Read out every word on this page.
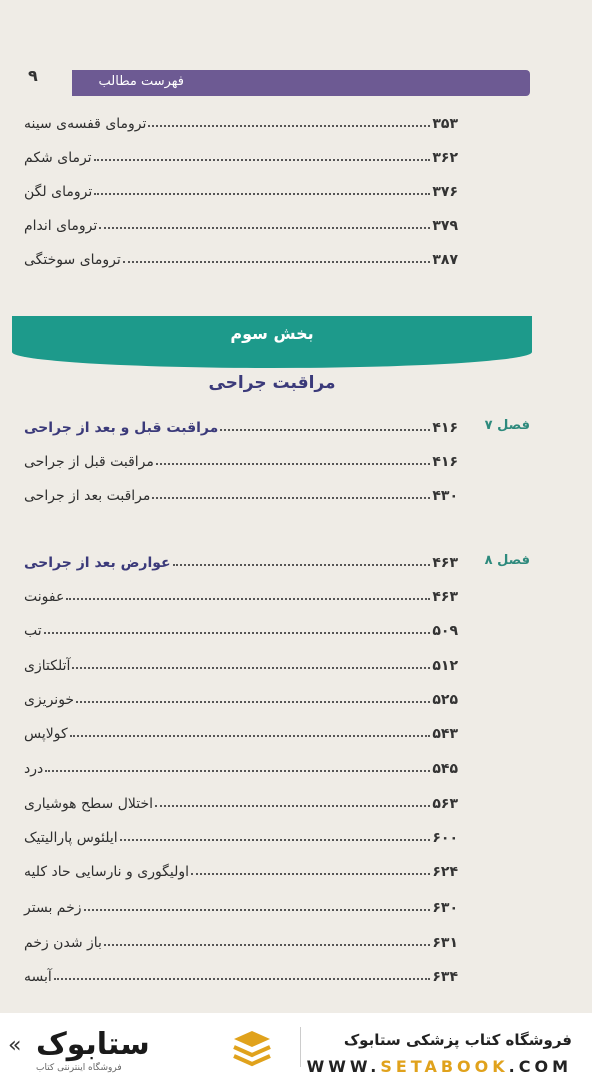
۹	فهرست مطالب
ترومای قفسه‌ی سینه	۳۵۳
ترمای شکم	۳۶۲
ترومای لگن	۳۷۶
ترومای اندام	۳۷۹
ترومای سوختگی	۳۸۷
بخش سوم
مراقبت جراحی
فصل ۷
مراقبت قبل و بعد از جراحی	۴۱۶
مراقبت قبل از جراحی	۴۱۶
مراقبت بعد از جراحی	۴۳۰
فصل ۸
عوارض بعد از جراحی	۴۶۳
عفونت	۴۶۳
تب	۵۰۹
آتلکتازی	۵۱۲
خونریزی	۵۲۵
کولاپس	۵۴۳
درد	۵۴۵
اختلال سطح هوشیاری	۵۶۳
ایلئوس پارالیتیک	۶۰۰
اولیگوری و نارسایی حاد کلیه	۶۲۴
زخم بستر	۶۳۰
باز شدن زخم	۶۳۱
آبسه	۶۳۴
« ستابوک
فروشگاه اینترنتی کتاب
فروشگاه کتاب پزشکی ستابوک
WWW.SETABOOK.COM
